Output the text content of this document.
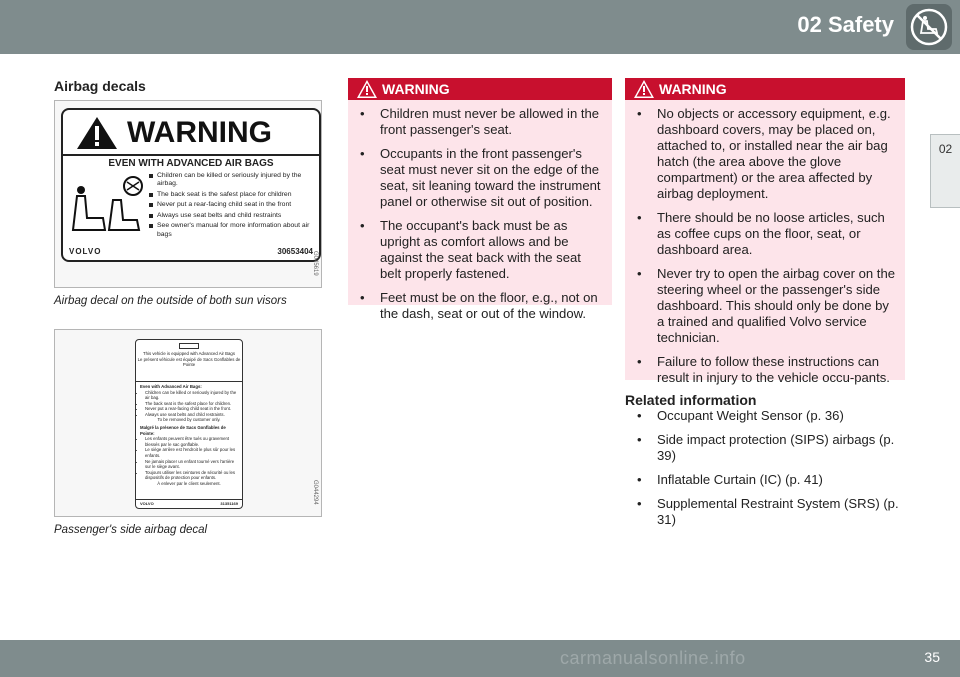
02 Safety
02
Airbag decals
WARNING
EVEN WITH ADVANCED AIR BAGS
Children can be killed or seriously injured by the airbag.
The back seat is the safest place for children
Never put a rear-facing child seat in the front
Always use seat belts and child restraints
See owner's manual for more information about air bags
VOLVO	30653404 G045619
Airbag decal on the outside of both sun visors
This vehicle is equipped with Advanced Air Bags
Le présent véhicule est équipé de Sacs Gonflables de Pointe
Even with Advanced Air Bags:
• Children can be killed or seriously injured by the air bag.
• The back seat is the safest place for children.
• Never put a rear-facing child seat in the front.
• Always use seat belts and child restraints.
To be removed by customer only.
Malgré la présence de Sacs Gonflables de Pointe:
• Les enfants peuvent être tués ou gravement blessés par le sac gonflable.
• Le siège arrière est l'endroit le plus sûr pour les enfants.
• Ne jamais placer un enfant tourné vers l'arrière sur le siège avant.
• Toujours utiliser les ceintures de sécurité ou les dispositifs de protection pour enfants.
À enlever par le client seulement.
VOLVO	31351169	G044294
Passenger's side airbag decal
WARNING
• Children must never be allowed in the front passenger's seat.
• Occupants in the front passenger's seat must never sit on the edge of the seat, sit leaning toward the instrument panel or otherwise sit out of position.
• The occupant's back must be as upright as comfort allows and be against the seat back with the seat belt properly fastened.
• Feet must be on the floor, e.g., not on the dash, seat or out of the window.
WARNING
• No objects or accessory equipment, e.g. dashboard covers, may be placed on, attached to, or installed near the air bag hatch (the area above the glove compartment) or the area affected by airbag deployment.
• There should be no loose articles, such as coffee cups on the floor, seat, or dashboard area.
• Never try to open the airbag cover on the steering wheel or the passenger's side dashboard. This should only be done by a trained and qualified Volvo service technician.
• Failure to follow these instructions can result in injury to the vehicle occu-pants.
Related information
• Occupant Weight Sensor (p. 36)
• Side impact protection (SIPS) airbags (p. 39)
• Inflatable Curtain (IC) (p. 41)
• Supplemental Restraint System (SRS) (p. 31)
35
carmanualsonline.info
